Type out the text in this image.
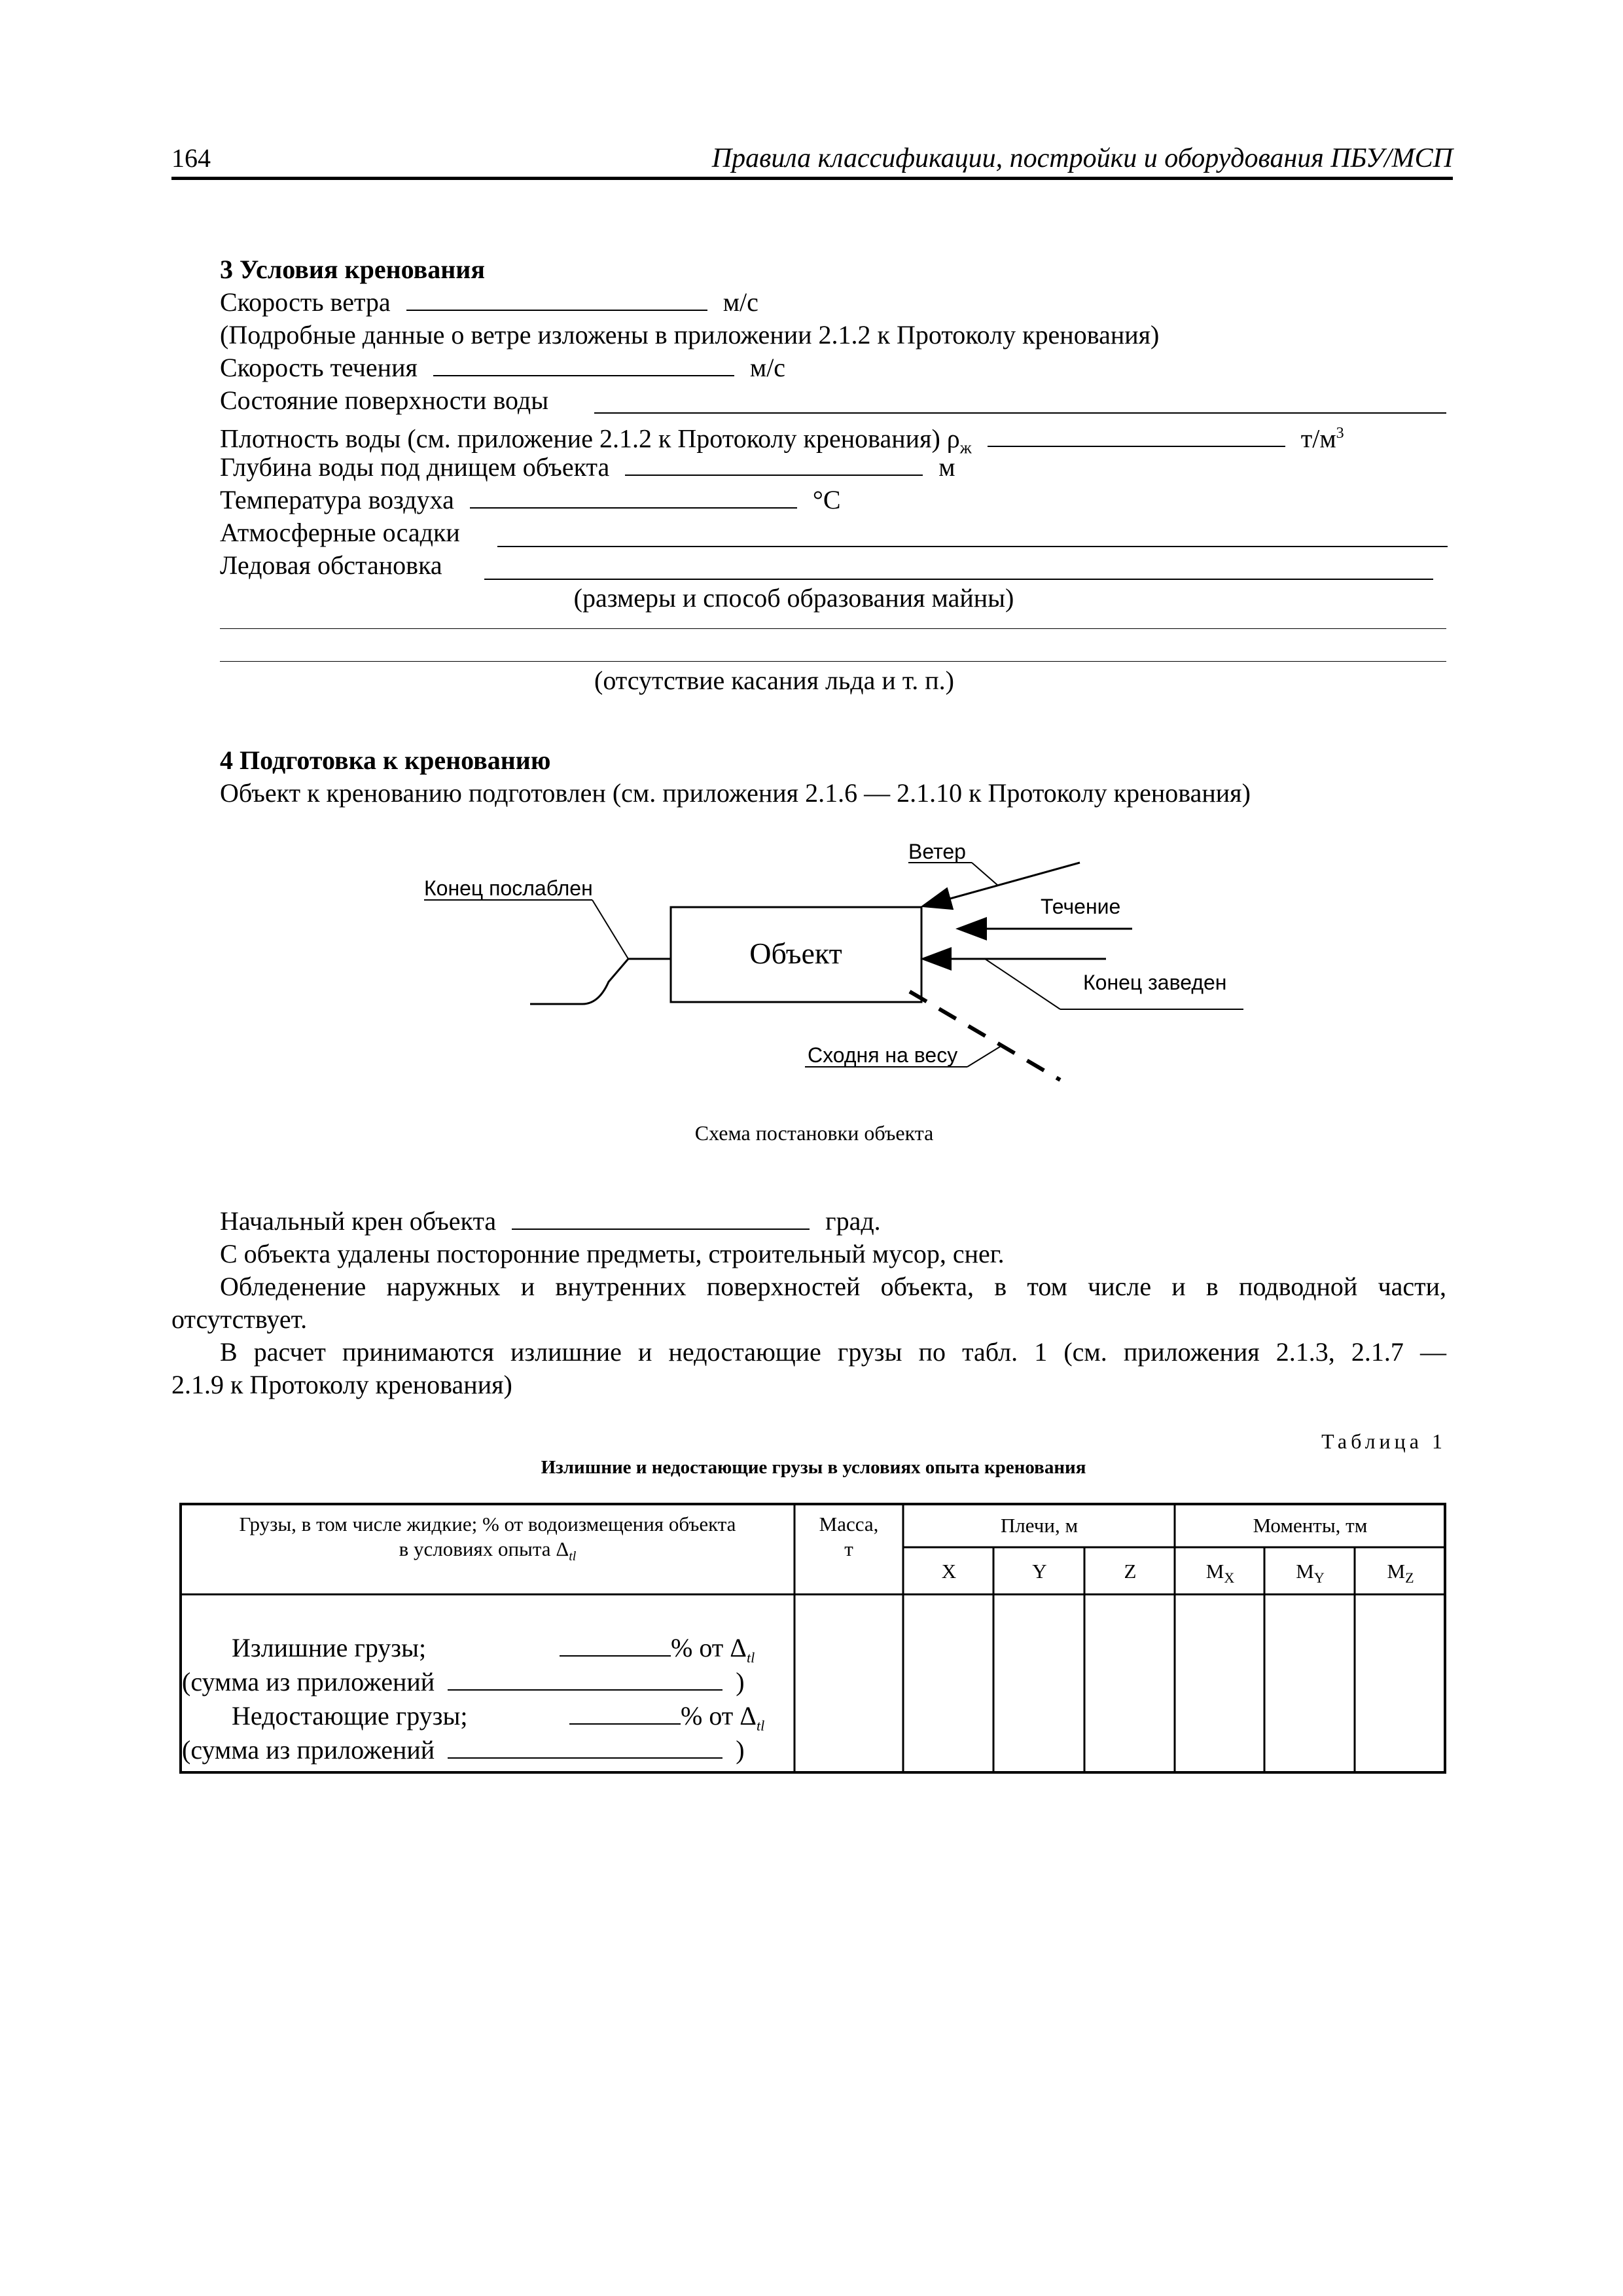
164	Правила классификации, постройки и оборудования ПБУ/МСП
3 Условия кренования
Скорость ветра	м/с
(Подробные данные о ветре изложены в приложении 2.1.2 к Протоколу кренования)
Скорость течения	м/с
Состояние поверхности воды
Плотность воды (см. приложение 2.1.2 к Протоколу кренования) $\rho_ж$	$т/м^3$
Глубина воды под днищем объекта	м
Температура воздуха	°С
Атмосферные осадки
Ледовая обстановка
(размеры и способ образования майны)
(отсутствие касания льда и т. п.)
4 Подготовка к кренованию
Объект к кренованию подготовлен (см. приложения 2.1.6 — 2.1.10 к Протоколу кренования)
Объект
Конец послаблен
Ветер
Течение
Конец заведен
Сходня на весу
Схема постановки объекта
Начальный крен объекта	град.
С объекта удалены посторонние предметы, строительный мусор, снег.
Обледенение наружных и внутренних поверхностей объекта, в том числе и в подводной части,
отсутствует.
В расчет принимаются излишние и недостающие грузы по табл. 1 (см. приложения 2.1.3, 2.1.7 —
2.1.9 к Протоколу кренования)
Таблица 1
Излишние и недостающие грузы в условиях опыта кренования
Грузы, в том числе жидкие; % от водоизмещения объекта
в условиях опыта $\Delta_{tl}$
Масса,
т
Плечи, м	Моменты, тм
X	Y	Z	$M_X$	$M_Y$	$M_Z$
Излишние грузы;	% от $\Delta_{tl}$
(сумма из приложений	)
Недостающие грузы;	% от $\Delta_{tl}$
(сумма из приложений	)
